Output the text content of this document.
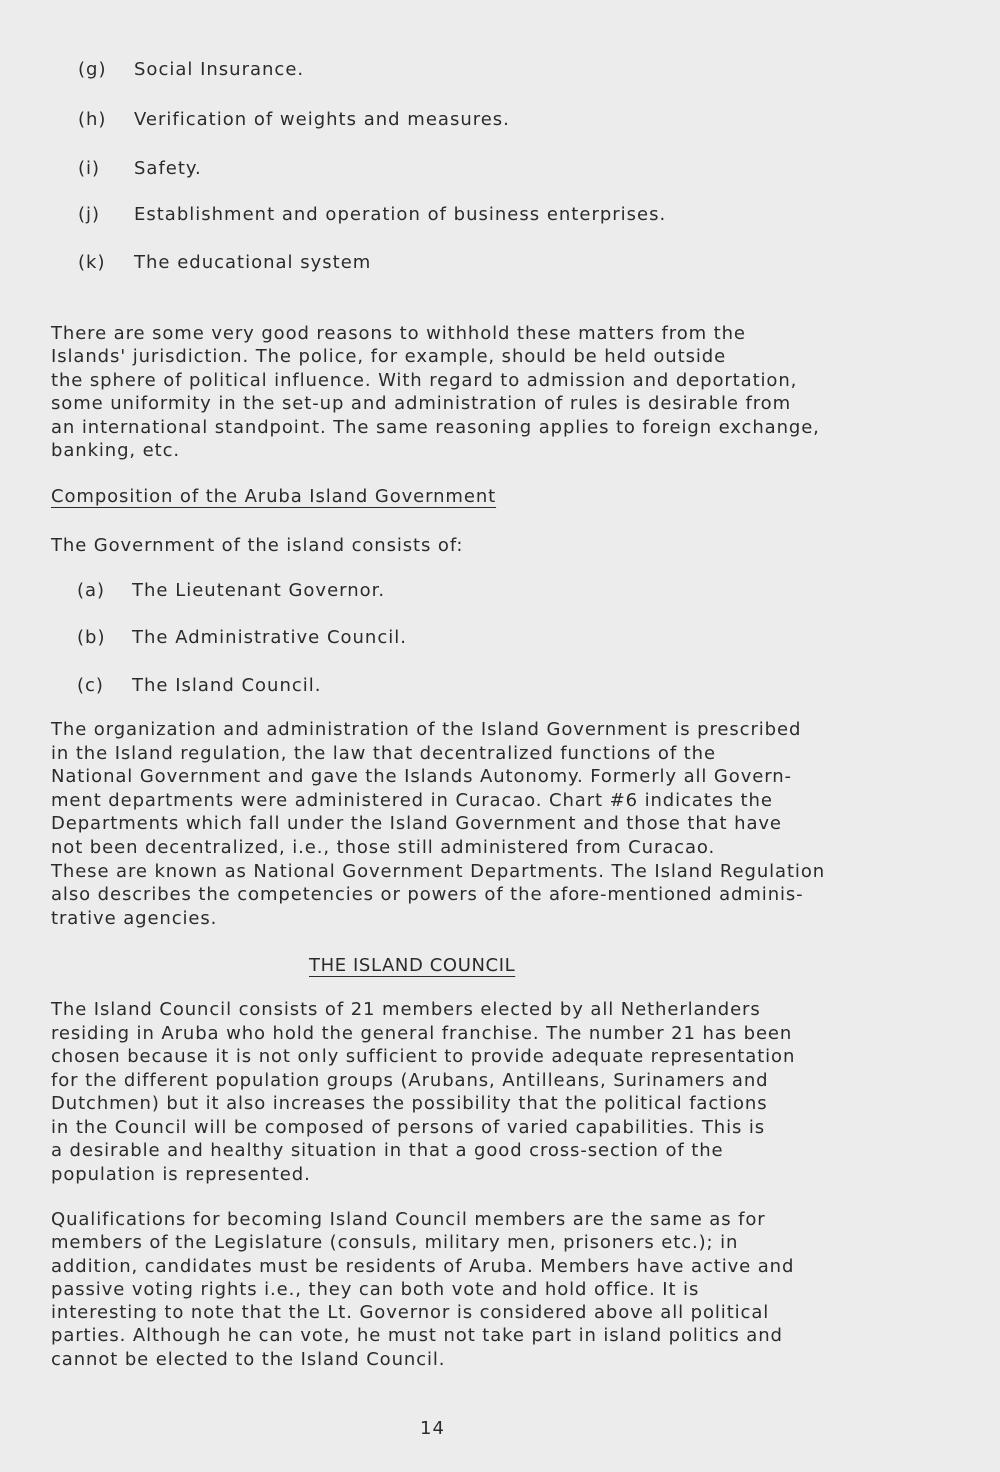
(g) Social Insurance.
(h) Verification of weights and measures.
(i) Safety.
(j) Establishment and operation of business enterprises.
(k) The educational system
There are some very good reasons to withhold these matters from the
Islands' jurisdiction. The police, for example, should be held outside
the sphere of political influence. With regard to admission and deportation,
some uniformity in the set-up and administration of rules is desirable from
an international standpoint. The same reasoning applies to foreign exchange,
banking, etc.
Composition of the Aruba Island Government
The Government of the island consists of:
(a) The Lieutenant Governor.
(b) The Administrative Council.
(c) The Island Council.
The organization and administration of the Island Government is prescribed
in the Island regulation, the law that decentralized functions of the
National Government and gave the Islands Autonomy. Formerly all Govern-
ment departments were administered in Curacao. Chart #6 indicates the
Departments which fall under the Island Government and those that have
not been decentralized, i.e., those still administered from Curacao.
These are known as National Government Departments. The Island Regulation
also describes the competencies or powers of the afore-mentioned adminis-
trative agencies.
THE ISLAND COUNCIL
The Island Council consists of 21 members elected by all Netherlanders
residing in Aruba who hold the general franchise. The number 21 has been
chosen because it is not only sufficient to provide adequate representation
for the different population groups (Arubans, Antilleans, Surinamers and
Dutchmen) but it also increases the possibility that the political factions
in the Council will be composed of persons of varied capabilities. This is
a desirable and healthy situation in that a good cross-section of the
population is represented.
Qualifications for becoming Island Council members are the same as for
members of the Legislature (consuls, military men, prisoners etc.); in
addition, candidates must be residents of Aruba. Members have active and
passive voting rights i.e., they can both vote and hold office. It is
interesting to note that the Lt. Governor is considered above all political
parties. Although he can vote, he must not take part in island politics and
cannot be elected to the Island Council.
14
